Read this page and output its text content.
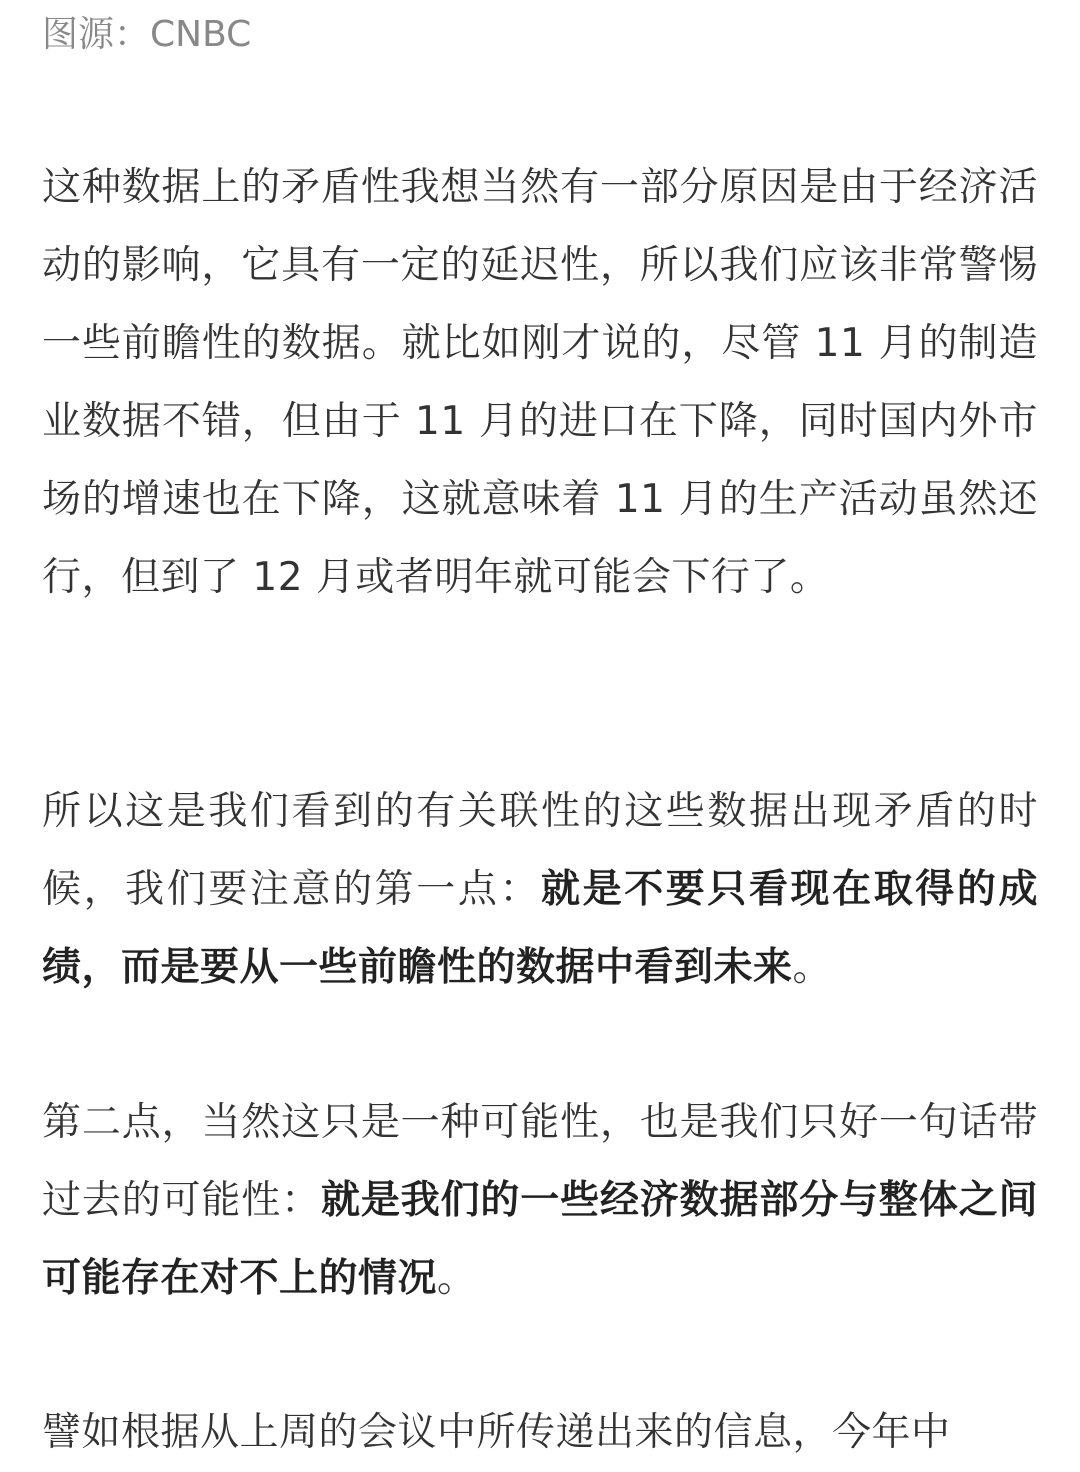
图源：CNBC

这种数据上的矛盾性我想当然有一部分原因是由于经济活动的影响，它具有一定的延迟性，所以我们应该非常警惕一些前瞻性的数据。就比如刚才说的，尽管 11 月的制造业数据不错，但由于 11 月的进口在下降，同时国内外市场的增速也在下降，这就意味着 11 月的生产活动虽然还行，但到了 12 月或者明年就可能会下行了。

所以这是我们看到的有关联性的这些数据出现矛盾的时候，我们要注意的第一点：就是不要只看现在取得的成绩，而是要从一些前瞻性的数据中看到未来。

第二点，当然这只是一种可能性，也是我们只好一句话带过去的可能性：就是我们的一些经济数据部分与整体之间可能存在对不上的情况。

譬如根据从上周的会议中所传递出来的信息，今年中
